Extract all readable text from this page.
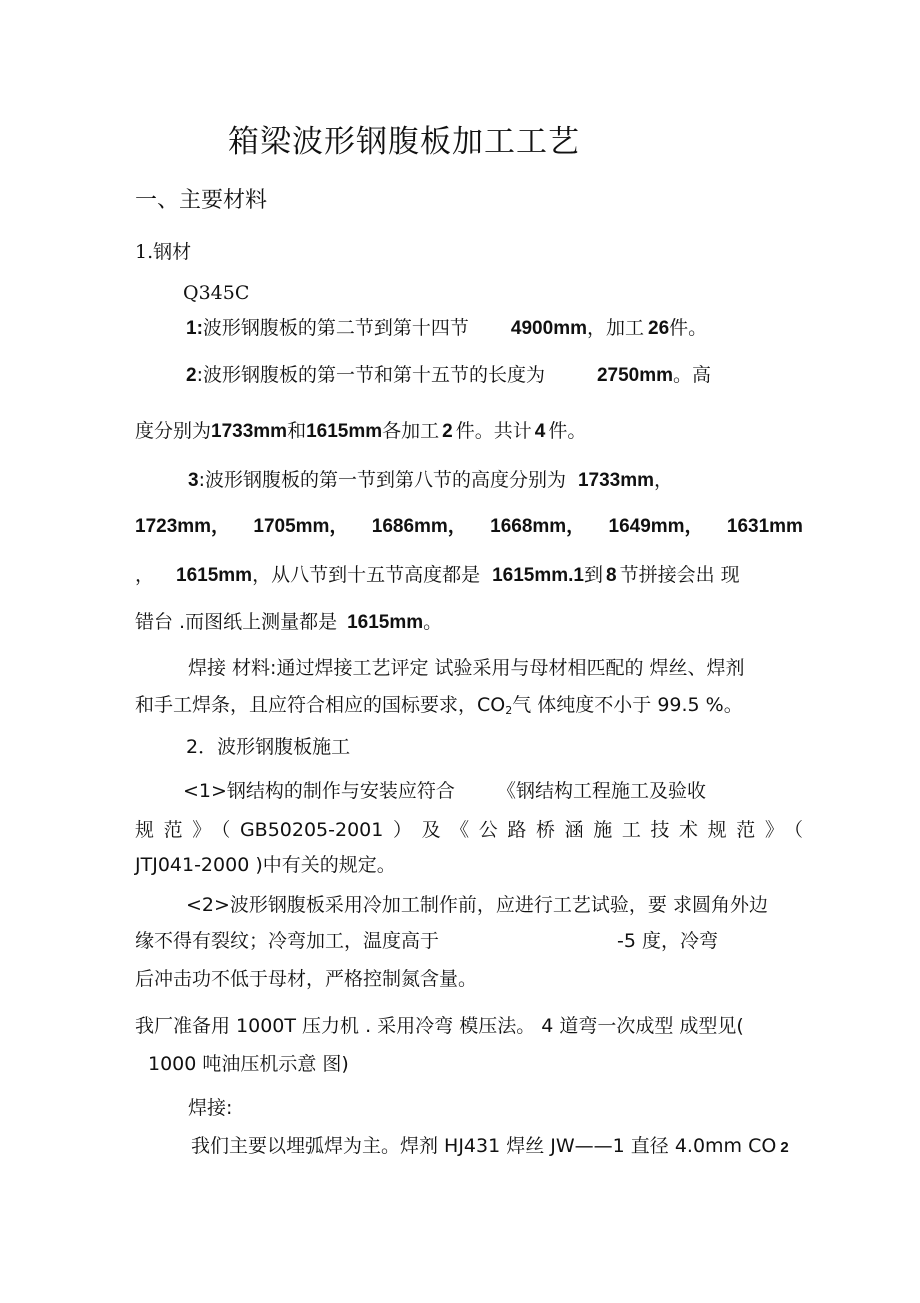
箱梁波形钢腹板加工工艺
一、主要材料
1.钢材
Q345C
1:波形钢腹板的第二节到第十四节 4900mm，加工 26件。
2:波形钢腹板的第一节和第十五节的长度为	2750mm。高
度分别为1733mm和1615mm各加工 2 件。共计 4 件。
3:波形钢腹板的第一节到第八节的高度分别为 1733mm，
1723mm， 1705mm， 1686mm， 1668mm， 1649mm， 1631mm
， 1615mm，从八节到十五节高度都是 1615mm.1到 8 节拼接会出 现
错台 .而图纸上测量都是 1615mm。
焊接 材料:通过焊接工艺评定 试验采用与母材相匹配的 焊丝、焊剂
和手工焊条，且应符合相应的国标要求，$CO_2$气 体纯度不小于 99.5 %。
2．波形钢腹板施工
<1>钢结构的制作与安装应符合 《钢结构工程施工及验收
规范》（GB50205-2001）及《公路桥涵施工技术规范》（
JTJ041-2000 )中有关的规定。
<2>波形钢腹板采用冷加工制作前，应进行工艺试验，要 求圆角外边
缘不得有裂纹；冷弯加工，温度高于	-5 度，冷弯
后冲击功不低于母材，严格控制氮含量。
我厂准备用 1000T 压力机 . 采用冷弯 模压法。 4 道弯一次成型 成型见(
1000 吨油压机示意 图)
焊接:
我们主要以埋弧焊为主。焊剂 HJ431 焊丝 JW——1 直径 4.0mm CO 2
